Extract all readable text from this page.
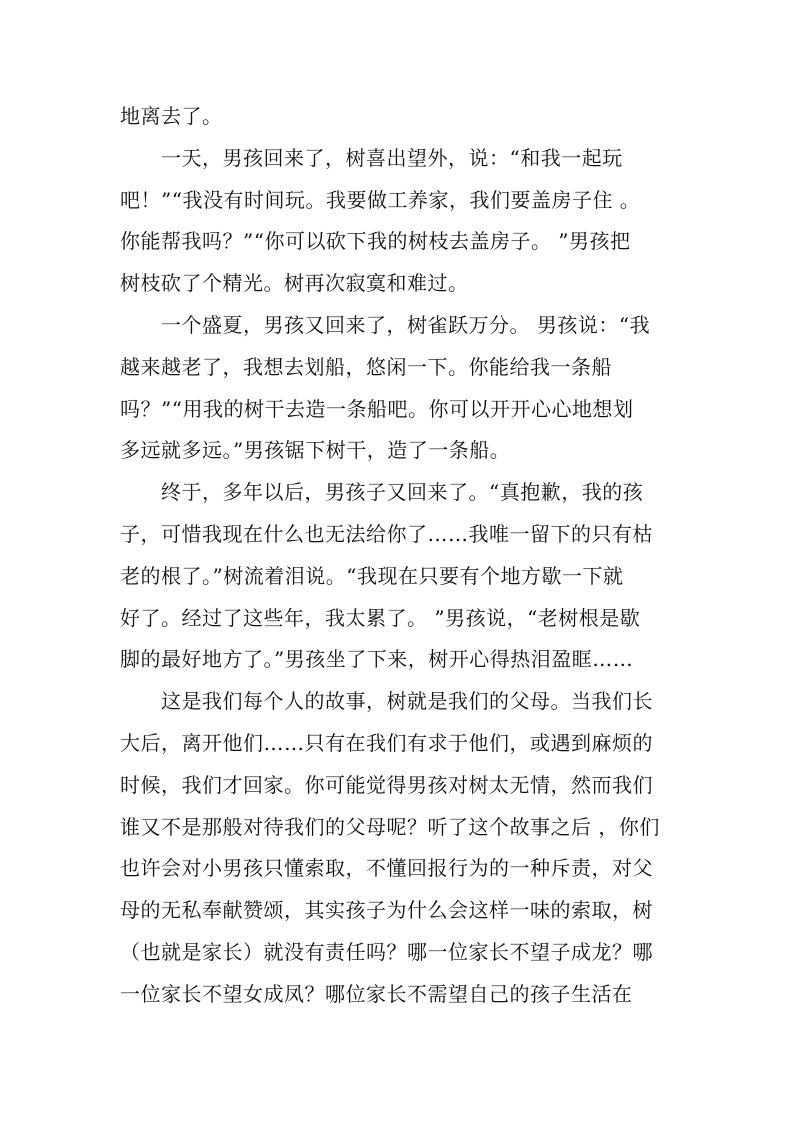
地离去了。
一天，男孩回来了，树喜出望外，说：“和我一起玩
吧！”“我没有时间玩。我要做工养家，我们要盖房子住 。
你能帮我吗？”“你可以砍下我的树枝去盖房子。 ”男孩把
树枝砍了个精光。树再次寂寞和难过。
一个盛夏，男孩又回来了，树雀跃万分。 男孩说：“我
越来越老了，我想去划船，悠闲一下。你能给我一条船
吗？”“用我的树干去造一条船吧。你可以开开心心地想划
多远就多远。”男孩锯下树干，造了一条船。
终于，多年以后，男孩子又回来了。“真抱歉，我的孩
子，可惜我现在什么也无法给你了……我唯一留下的只有枯
老的根了。”树流着泪说。“我现在只要有个地方歇一下就
好了。经过了这些年，我太累了。 ”男孩说，“老树根是歇
脚的最好地方了。”男孩坐了下来，树开心得热泪盈眶……
这是我们每个人的故事，树就是我们的父母。当我们长
大后，离开他们……只有在我们有求于他们，或遇到麻烦的
时候，我们才回家。你可能觉得男孩对树太无情，然而我们
谁又不是那般对待我们的父母呢？听了这个故事之后 ，你们
也许会对小男孩只懂索取，不懂回报行为的一种斥责，对父
母的无私奉献赞颂，其实孩子为什么会这样一味的索取，树
（也就是家长）就没有责任吗？哪一位家长不望子成龙？哪
一位家长不望女成凤？哪位家长不需望自己的孩子生活在
